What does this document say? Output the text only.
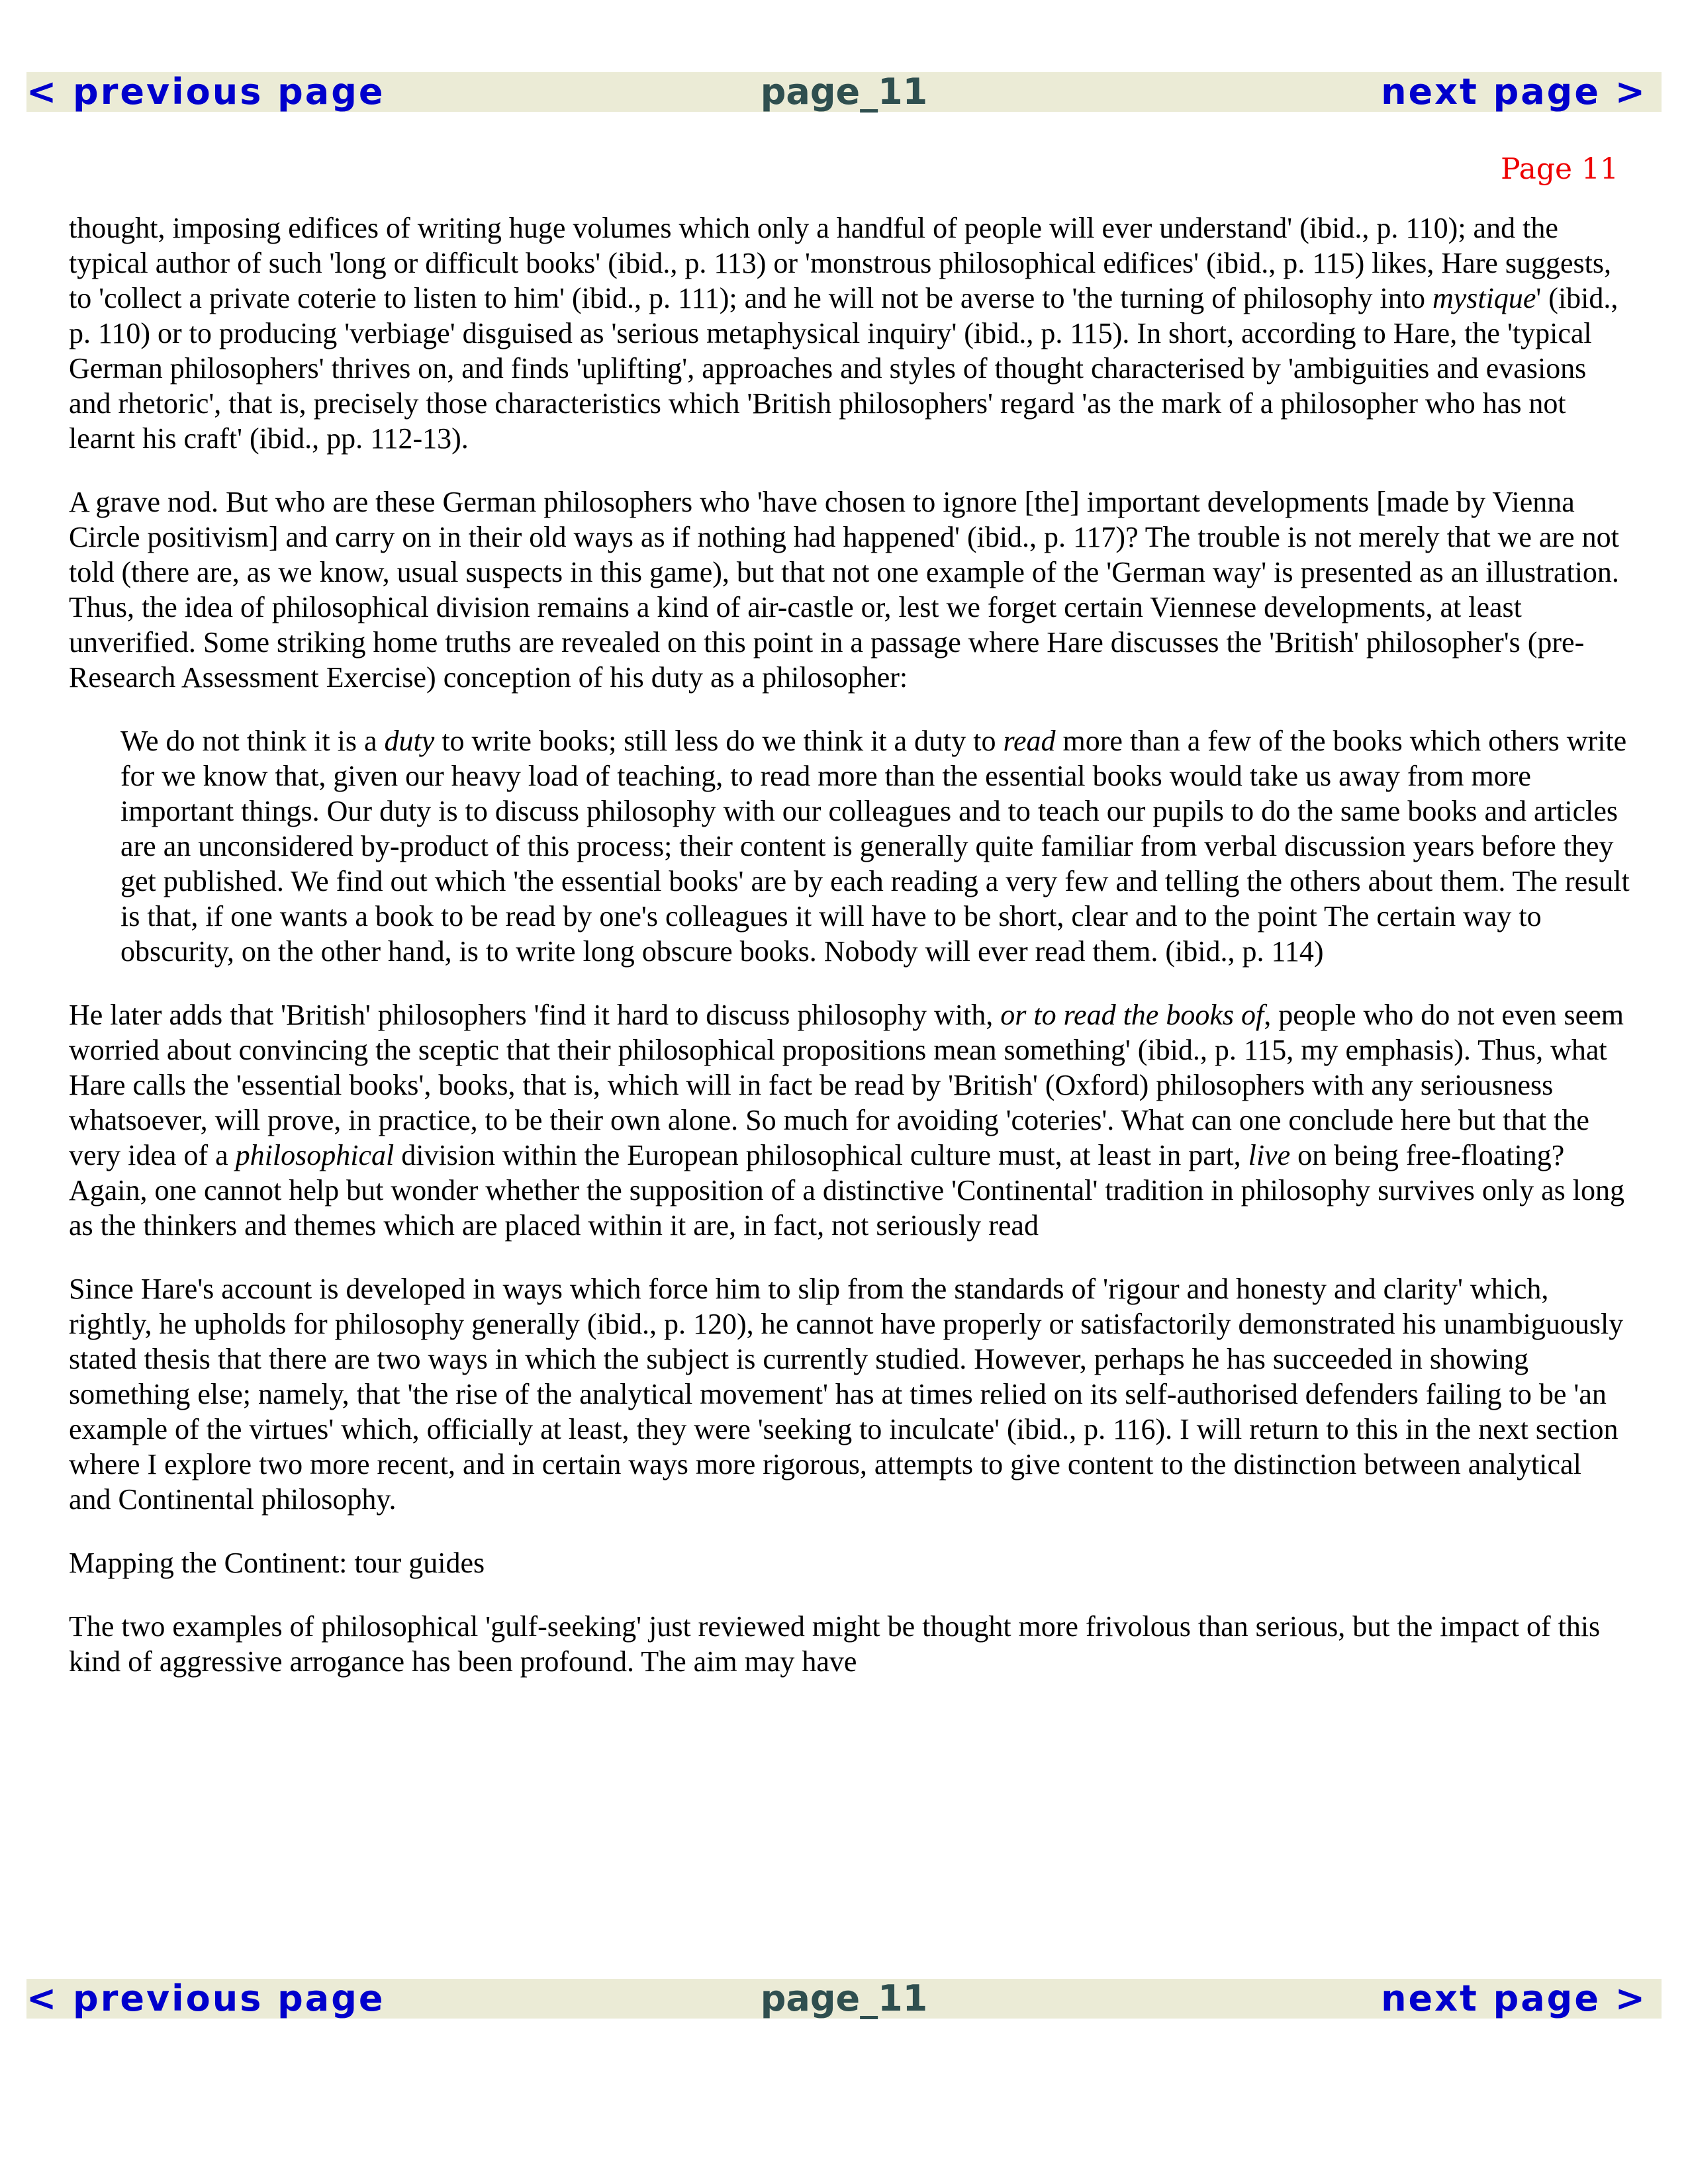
< previous page	page_11	next page >
Page 11

thought, imposing edifices of writing huge volumes which only a handful of people will ever understand' (ibid., p. 110); and the typical author of such 'long or difficult books' (ibid., p. 113) or 'monstrous philosophical edifices' (ibid., p. 115) likes, Hare suggests, to 'collect a private coterie to listen to him' (ibid., p. 111); and he will not be averse to 'the turning of philosophy into mystique' (ibid., p. 110) or to producing 'verbiage' disguised as 'serious metaphysical inquiry' (ibid., p. 115). In short, according to Hare, the 'typical German philosophers' thrives on, and finds 'uplifting', approaches and styles of thought characterised by 'ambiguities and evasions and rhetoric', that is, precisely those characteristics which 'British philosophers' regard 'as the mark of a philosopher who has not learnt his craft' (ibid., pp. 112-13).

A grave nod. But who are these German philosophers who 'have chosen to ignore [the] important developments [made by Vienna Circle positivism] and carry on in their old ways as if nothing had happened' (ibid., p. 117)? The trouble is not merely that we are not told (there are, as we know, usual suspects in this game), but that not one example of the 'German way' is presented as an illustration. Thus, the idea of philosophical division remains a kind of air-castle or, lest we forget certain Viennese developments, at least unverified. Some striking home truths are revealed on this point in a passage where Hare discusses the 'British' philosopher's (pre-Research Assessment Exercise) conception of his duty as a philosopher:

We do not think it is a duty to write books; still less do we think it a duty to read more than a few of the books which others write for we know that, given our heavy load of teaching, to read more than the essential books would take us away from more important things. Our duty is to discuss philosophy with our colleagues and to teach our pupils to do the same books and articles are an unconsidered by-product of this process; their content is generally quite familiar from verbal discussion years before they get published. We find out which 'the essential books' are by each reading a very few and telling the others about them. The result is that, if one wants a book to be read by one's colleagues it will have to be short, clear and to the point The certain way to obscurity, on the other hand, is to write long obscure books. Nobody will ever read them. (ibid., p. 114)

He later adds that 'British' philosophers 'find it hard to discuss philosophy with, or to read the books of, people who do not even seem worried about convincing the sceptic that their philosophical propositions mean something' (ibid., p. 115, my emphasis). Thus, what Hare calls the 'essential books', books, that is, which will in fact be read by 'British' (Oxford) philosophers with any seriousness whatsoever, will prove, in practice, to be their own alone. So much for avoiding 'coteries'. What can one conclude here but that the very idea of a philosophical division within the European philosophical culture must, at least in part, live on being free-floating? Again, one cannot help but wonder whether the supposition of a distinctive 'Continental' tradition in philosophy survives only as long as the thinkers and themes which are placed within it are, in fact, not seriously read

Since Hare's account is developed in ways which force him to slip from the standards of 'rigour and honesty and clarity' which, rightly, he upholds for philosophy generally (ibid., p. 120), he cannot have properly or satisfactorily demonstrated his unambiguously stated thesis that there are two ways in which the subject is currently studied. However, perhaps he has succeeded in showing something else; namely, that 'the rise of the analytical movement' has at times relied on its self-authorised defenders failing to be 'an example of the virtues' which, officially at least, they were 'seeking to inculcate' (ibid., p. 116). I will return to this in the next section where I explore two more recent, and in certain ways more rigorous, attempts to give content to the distinction between analytical and Continental philosophy.

Mapping the Continent: tour guides

The two examples of philosophical 'gulf-seeking' just reviewed might be thought more frivolous than serious, but the impact of this kind of aggressive arrogance has been profound. The aim may have

< previous page	page_11	next page >
